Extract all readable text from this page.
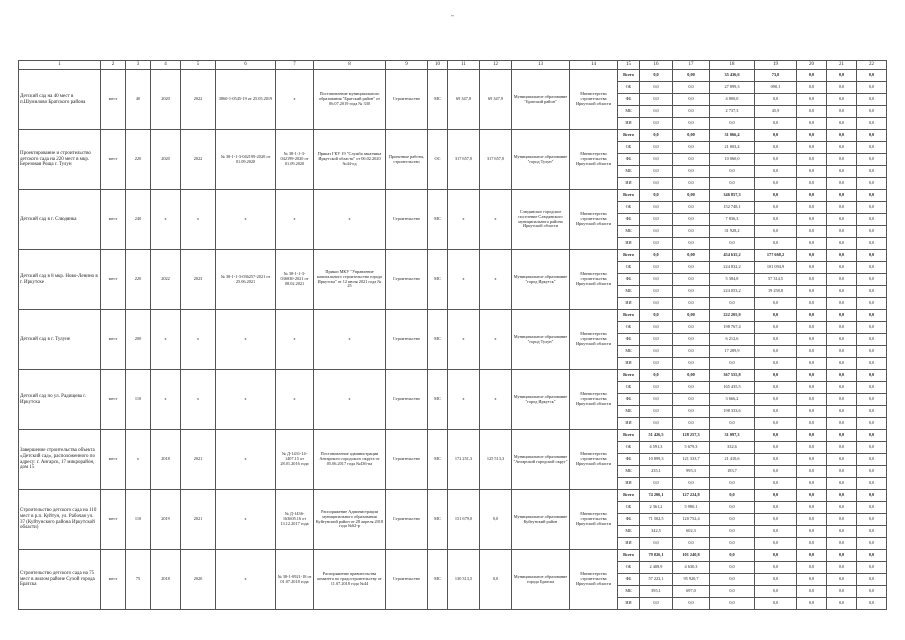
''
1	2	3	4	5	6	7	8	9	10	11	12	13	14	15	16	17	18	19	20	21	22
Детский сад на 40 мест в п.Шумилово Братского района	мест	40	2020	2022	3860-1-0545-19 от 25.05.2019	х	Постановление муниципального образования "Братский район" от 06.07.2019 года № 330	Строительство	МС	69 347,8	69 347,9	Муниципальное образование "Братский район"	Министерство строительства Иркутской области	Всего	0,0	0,00	35 436,6	73,0	0,0	0,0	0,0
														ОБ	0,0	0,0	27 899,3	090,1	0,0	0,0	0,0
														ФБ	0,0	0,0	4 800,0	0,0	0,0	0,0	0,0
														МБ	0,0	0,0	2 737,3	45,9	0,0	0,0	0,0
														ИИ	0,0	0,0	0,0	0,0	0,0	0,0	0,0
Проектирование и строительство детского сада на 220 мест в мкр. Березовая Роща г. Тулун	мест	220	2020	2022	№ 38-1-1-3-042199-2020 от 01.09.2020	№ 38-1-1-3-042199-2020 от 01.09.2020	Приказ ГКУ 19 "Служба заказчика Иркутской области" от 06.02.2020 №44-од	Проектные работы, строительство	ОС	317 657,0	317 657,0	Муниципальное образование "город Тулун"	Министерство строительства Иркутской области	Всего	0,0	0,00	31 066,4	0,0	0,0	0,0	0,0
														ОБ	0,0	0,0	21 003,4	0,0	0,0	0,0	0,0
														ФБ	0,0	0,0	10 060,0	0,0	0,0	0,0	0,0
														МБ	0,0	0,0	0,0	0,0	0,0	0,0	0,0
														ИИ	0,0	0,0	0,0	0,0	0,0	0,0	0,0
Детский сад в г. Слюдянка	мест	240	х	х	х	х	х	Строительство	МС	х	х	Слюдянское городское поселение Слюдянского муниципального района Иркутской области	Министерство строительства Иркутской области	Всего	0,0	0,00	346 857,3	0,0	0,0	0,0	0,0
														ОБ	0,0	0,0	152 748,1	0,0	0,0	0,0	0,0
														ФБ	0,0	0,0	7 836,3	0,0	0,0	0,0	0,0
														МБ	0,0	0,0	31 928,2	0,0	0,0	0,0	0,0
														ИИ	0,0	0,0	0,0	0,0	0,0	0,0	0,0
Детский сад в 8 мкр. Ново-Ленино в г. Иркутске	мест	220	2022	2023	№ 38-1-1-3-036257-2021 от 25.06.2021	№ 38-1-1-3-036830-2021 от 08.02.2021	Приказ МКУ "Управление капитального строительства города Иркутска" от 12 июля 2021 года № 25	Строительство	МС	х	х	Муниципальное образование "город Иркутск"	Министерство строительства Иркутской области	Всего	0,0	0,00	454 635,2	177 668,2	0,0	0,0	0,0
														ОБ	0,0	0,0	224 832,2	101 094,9	0,0	0,0	0,0
														ФБ	0,0	0,0	5 384,8	57 314,5	0,0	0,0	0,0
														МБ	0,0	0,0	224 053,2	19 258,8	0,0	0,0	0,0
														ИИ	0,0	0,0	0,0	0,0	0,0	0,0	0,0
Детский сад в г. Тулуне	мест	200	х	х	х	х	х	Строительство	МС	х	х	Муниципальное образование "город Тулун"	Министерство строительства Иркутской области	Всего	0,0	0,00	222 205,9	0,0	0,0	0,0	0,0
														ОБ	0,0	0,0	198 767,4	0,0	0,0	0,0	0,0
														ФБ	0,0	0,0	6 212,6	0,0	0,0	0,0	0,0
														МБ	0,0	0,0	17 289,9	0,0	0,0	0,0	0,0
														ИИ	0,0	0,0	0,0	0,0	0,0	0,0	0,0
Детский сад по ул. Радищева г. Иркутска	мест	110	х	х	х	х	х	Строительство	МС	х	х	Муниципальное образование "город Иркутск"	Министерство строительства Иркутской области	Всего	0,0	0,00	367 555,8	0,0	0,0	0,0	0,0
														ОБ	0,0	0,0	165 435,5	0,0	0,0	0,0	0,0
														ФБ	0,0	0,0	3 666,2	0,0	0,0	0,0	0,0
														МБ	0,0	0,0	198 333,6	0,0	0,0	0,0	0,0
														ИИ	0,0	0,0	0,0	0,0	0,0	0,0	0,0
Завершение строительства объекта «Детский сад», расположенного по адресу: г. Ангарск, 17 микрорайон, дом 15	мест	х	2018	2021	х	№ Д-1431-14-1407.15 от 28.01.2016 года	Постановление администрации Ангарского городского округа от 05.06.2017 года №436-па	Строительство	МС	172 251,3	125 513,3	Муниципальное образование "Ангарский городской округ"	Министерство строительства Иркутской области	Всего	51 426,5	128 257,3	31 097,3	0,0	0,0	0,0	0,0
														ОБ	4 591,3	5 679,3	332,6	0,0	0,0	0,0	0,0
														ФБ	10 899,3	121 333,7	21 410,6	0,0	0,0	0,0	0,0
														МБ	235,1	995,3	183,7	0,0	0,0	0,0	0,0
														ИИ	0,0	0,0	0,0	0,0	0,0	0,0	0,0
Строительство детского сада на 110 мест в р.п. Куйтун, ул. Рабочая уч. 37 (Куйтунского района Иркутской области)	мест	110	2019	2021	х	№ Д-1436-163605.16 от 13.12.2017 года	Распоряжение Администрации муниципального образования Куйтунский район от 28 апреля 2018 года №62-р	Строительство	МС	151 679,0	0,0	Муниципальное образование Куйтунский район	Министерство строительства Иркутской области	Всего	74 206,1	127 224,8	0,0	0,0	0,0	0,0	0,0
														ОБ	2 361,2	5 980,1	0,0	0,0	0,0	0,0	0,0
														ФБ	71 502,5	120 752,4	0,0	0,0	0,0	0,0	0,0
														МБ	342,5	602,3	0,0	0,0	0,0	0,0	0,0
														ИИ	0,0	0,0	0,0	0,0	0,0	0,0	0,0
Строительство детского сада на 75 мест в жилом районе Сухой города Братска	мест	75	2018	2020	х	№ 38-1-0921-18 от 01.07.2018 года	Распоряжение правительства комитета по градостроительству от 11.07.2018 года №44	Строительство	МС	130 313,5	0,0	Муниципальное образование города Братска	Министерство строительства Иркутской области	Всего	79 026,1	101 240,8	0,0	0,0	0,0	0,0	0,0
														ОБ	2 408,9	4 630,3	0,0	0,0	0,0	0,0	0,0
														ФБ	57 223,1	95 920,7	0,0	0,0	0,0	0,0	0,0
														МБ	395,1	697,0	0,0	0,0	0,0	0,0	0,0
														ИИ	0,0	0,0	0,0	0,0	0,0	0,0	0,0
